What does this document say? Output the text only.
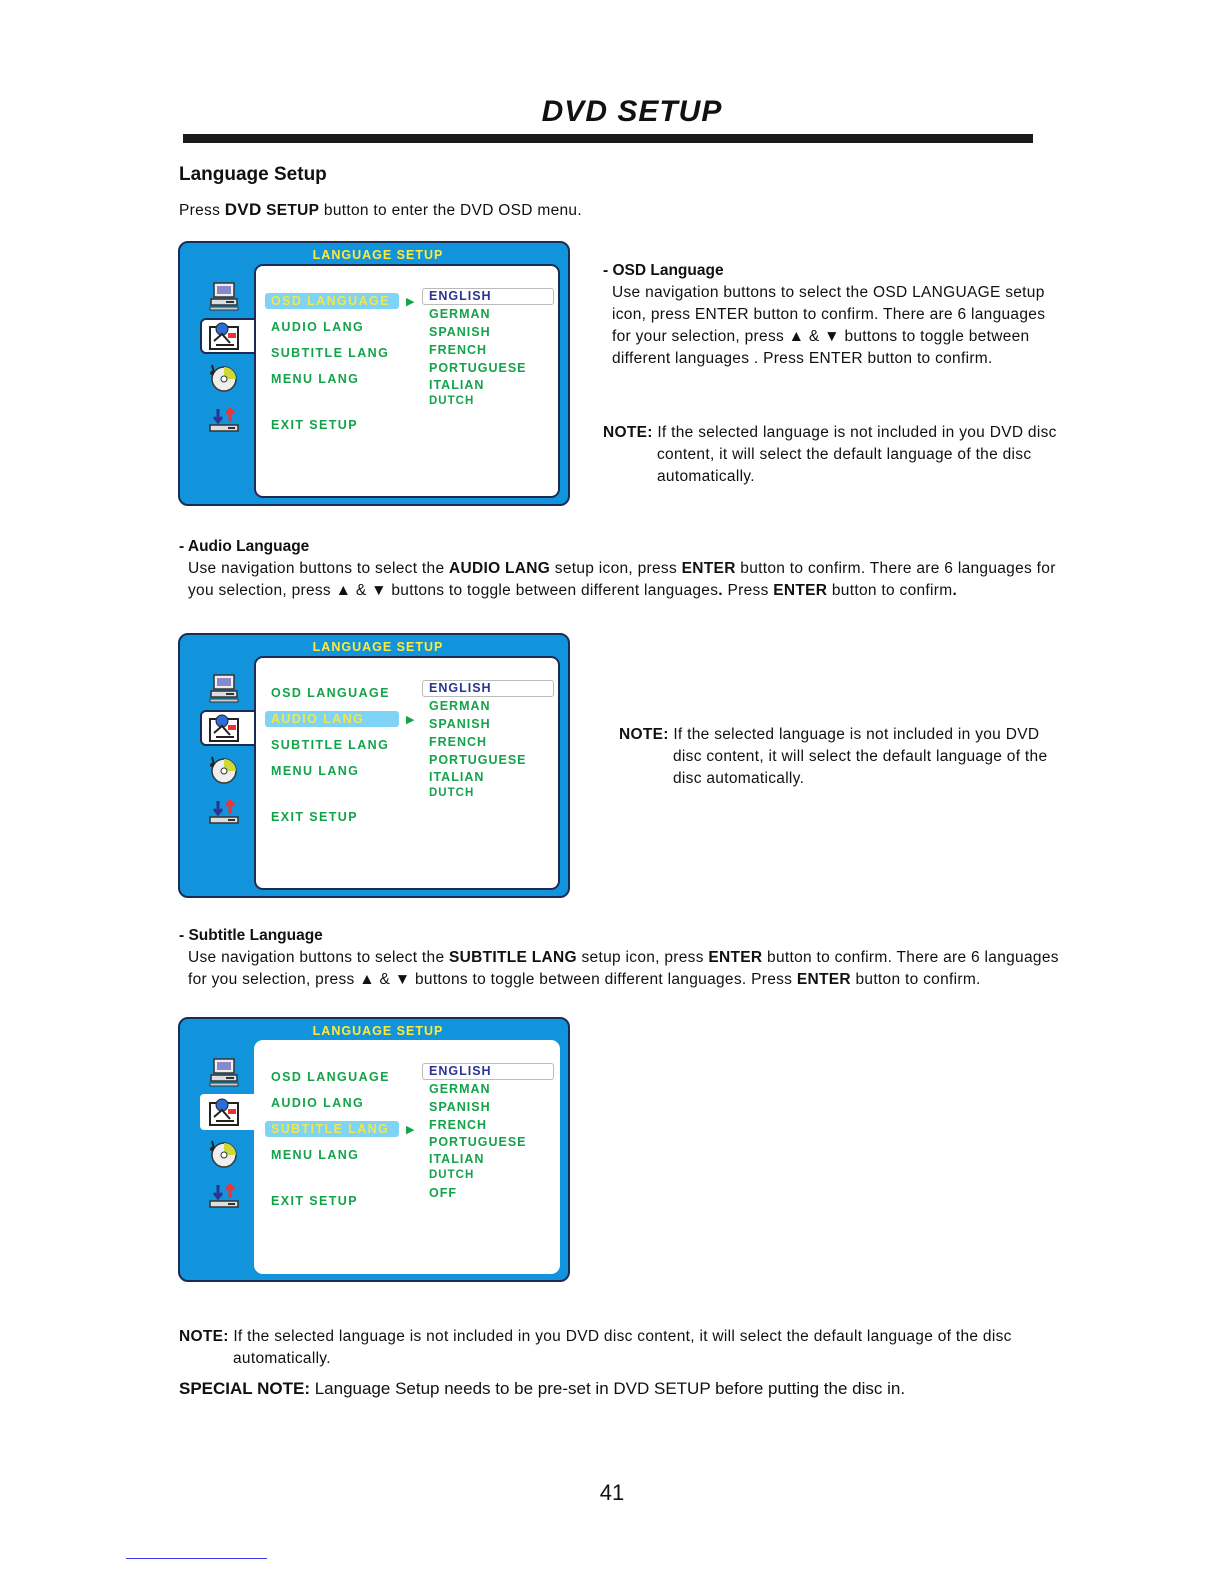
DVD SETUP
Language Setup
Press DVD SETUP button to enter the DVD OSD menu.
LANGUAGE SETUP
▶
OSD LANGUAGE
AUDIO LANG
SUBTITLE LANG
MENU LANG
EXIT SETUP
ENGLISH
GERMAN
SPANISH
FRENCH
PORTUGUESE
ITALIAN
DUTCH
- OSD Language
Use navigation buttons to select the OSD LANGUAGE setup
icon, press ENTER button to confirm. There are 6 languages
for your selection, press ▲ & ▼ buttons to toggle between
different languages . Press ENTER button to confirm.
NOTE: If the selected language is not included in you DVD disc
content, it will select the default language of the disc
automatically.
- Audio Language
Use navigation buttons to select the AUDIO LANG setup icon, press ENTER button to confirm. There are 6 languages for
you selection, press ▲ & ▼ buttons to toggle between different languages. Press ENTER button to confirm.
LANGUAGE SETUP
OSD LANGUAGE
▶
AUDIO LANG
SUBTITLE LANG
MENU LANG
EXIT SETUP
ENGLISH
GERMAN
SPANISH
FRENCH
PORTUGUESE
ITALIAN
DUTCH
NOTE: If the selected language is not included in you DVD
disc content, it will select the default language of the
disc automatically.
- Subtitle Language
Use navigation buttons to select the SUBTITLE LANG setup icon, press ENTER button to confirm. There are 6 languages
for you selection, press ▲ & ▼ buttons to toggle between different languages. Press ENTER button to confirm.
LANGUAGE SETUP
OSD LANGUAGE
AUDIO LANG
▶
SUBTITLE LANG
MENU LANG
EXIT SETUP
ENGLISH
GERMAN
SPANISH
FRENCH
PORTUGUESE
ITALIAN
DUTCH
OFF
NOTE: If the selected language is not included in you DVD disc content, it will select the default language of the disc
automatically.
SPECIAL NOTE: Language Setup needs to be pre-set in DVD SETUP before putting the disc in.
41
